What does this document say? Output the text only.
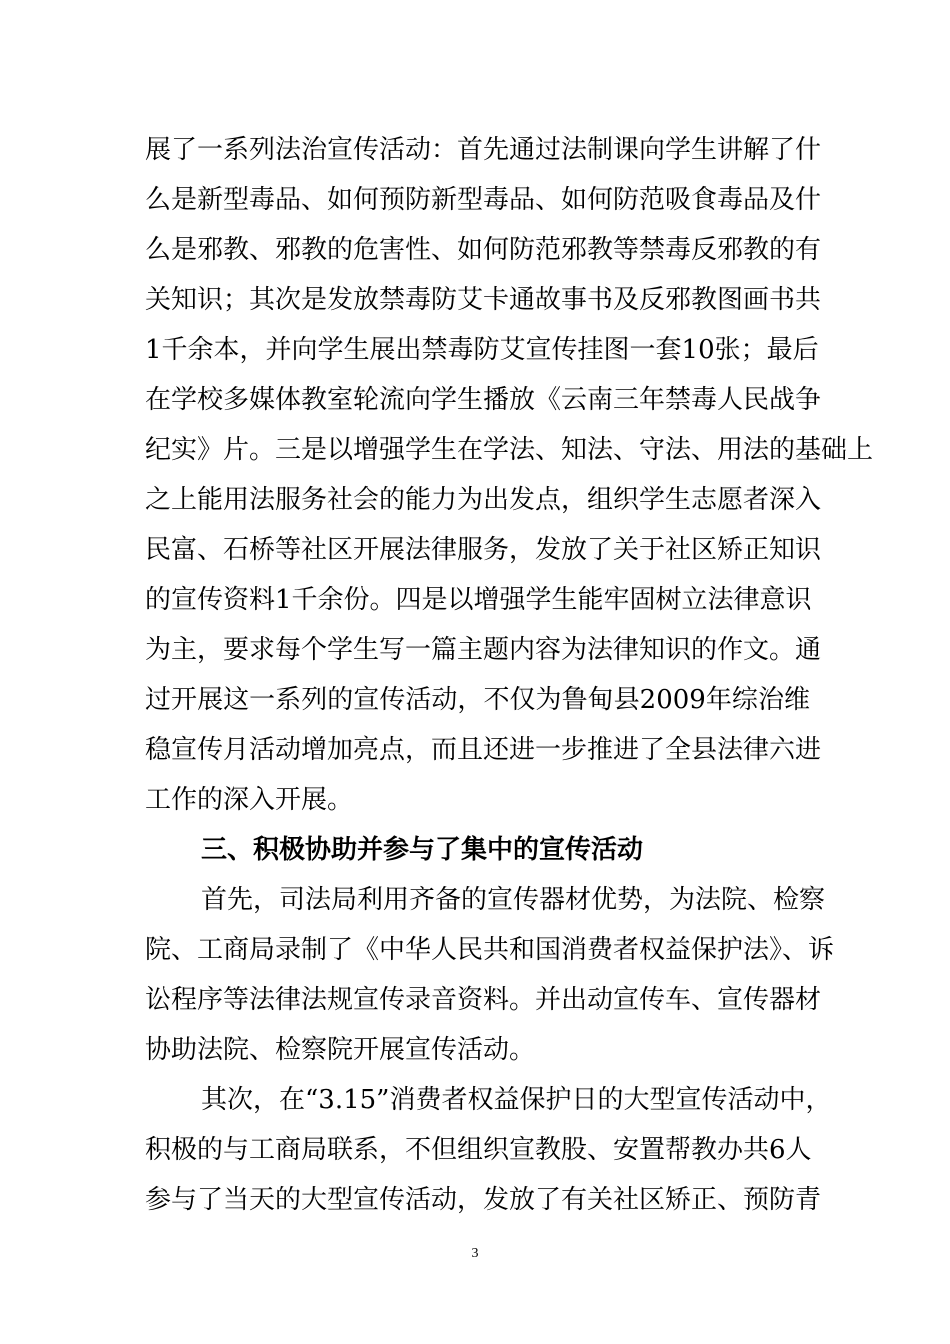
展了一系列法治宣传活动：首先通过法制课向学生讲解了什
么是新型毒品、如何预防新型毒品、如何防范吸食毒品及什
么是邪教、邪教的危害性、如何防范邪教等禁毒反邪教的有
关知识；其次是发放禁毒防艾卡通故事书及反邪教图画书共
1千余本，并向学生展出禁毒防艾宣传挂图一套10张；最后
在学校多媒体教室轮流向学生播放《云南三年禁毒人民战争
纪实》片。三是以增强学生在学法、知法、守法、用法的基础上
之上能用法服务社会的能力为出发点，组织学生志愿者深入
民富、石桥等社区开展法律服务，发放了关于社区矫正知识
的宣传资料1千余份。四是以增强学生能牢固树立法律意识
为主，要求每个学生写一篇主题内容为法律知识的作文。通
过开展这一系列的宣传活动，不仅为鲁甸县2009年综治维
稳宣传月活动增加亮点，而且还进一步推进了全县法律六进
工作的深入开展。
三、积极协助并参与了集中的宣传活动
首先，司法局利用齐备的宣传器材优势，为法院、检察
院、工商局录制了《中华人民共和国消费者权益保护法》、诉
讼程序等法律法规宣传录音资料。并出动宣传车、宣传器材
协助法院、检察院开展宣传活动。
其次，在“3.15”消费者权益保护日的大型宣传活动中，
积极的与工商局联系，不但组织宣教股、安置帮教办共6人
参与了当天的大型宣传活动，发放了有关社区矫正、预防青
3
